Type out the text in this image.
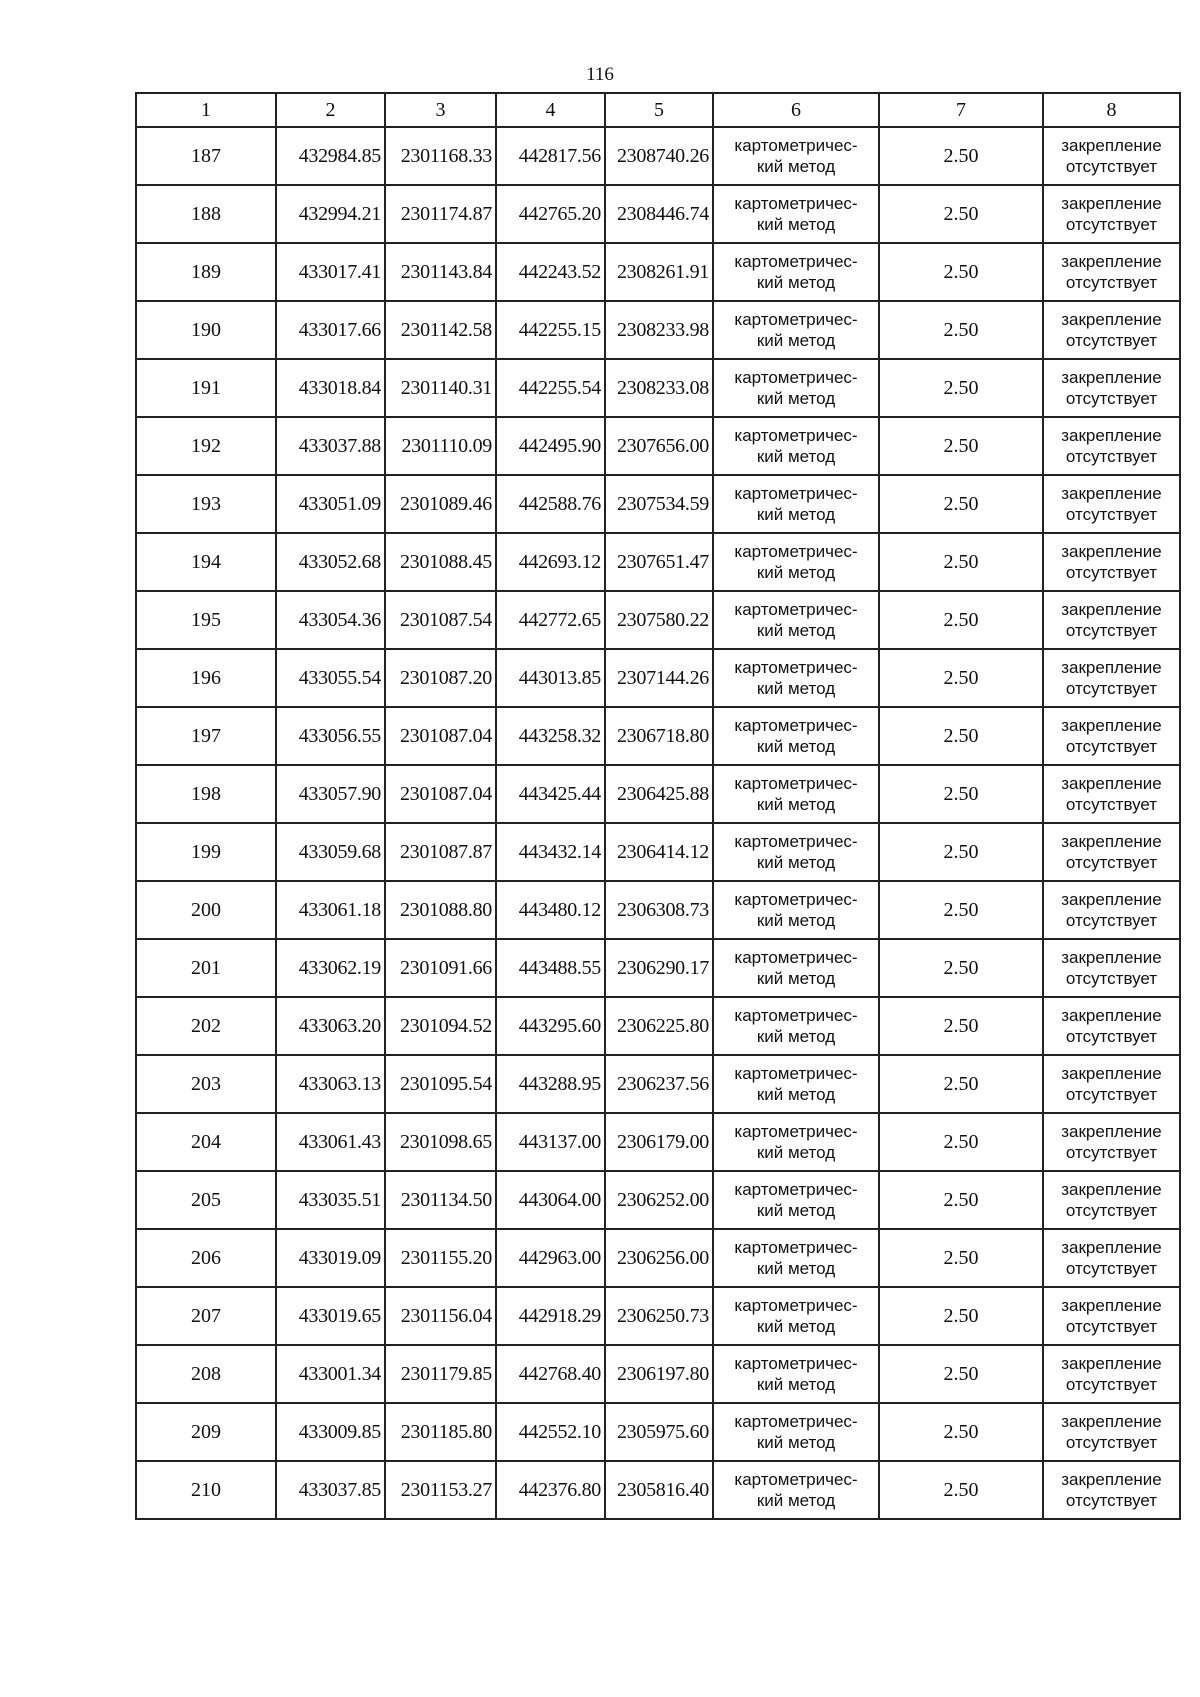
116
1	2	3	4	5	6	7	8
187	432984.85	2301168.33	442817.56	2308740.26	картометричес-
кий метод	2.50	закрепление
отсутствует

188	432994.21	2301174.87	442765.20	2308446.74	картометричес-
кий метод	2.50	закрепление
отсутствует

189	433017.41	2301143.84	442243.52	2308261.91	картометричес-
кий метод	2.50	закрепление
отсутствует

190	433017.66	2301142.58	442255.15	2308233.98	картометричес-
кий метод	2.50	закрепление
отсутствует

191	433018.84	2301140.31	442255.54	2308233.08	картометричес-
кий метод	2.50	закрепление
отсутствует

192	433037.88	2301110.09	442495.90	2307656.00	картометричес-
кий метод	2.50	закрепление
отсутствует

193	433051.09	2301089.46	442588.76	2307534.59	картометричес-
кий метод	2.50	закрепление
отсутствует

194	433052.68	2301088.45	442693.12	2307651.47	картометричес-
кий метод	2.50	закрепление
отсутствует

195	433054.36	2301087.54	442772.65	2307580.22	картометричес-
кий метод	2.50	закрепление
отсутствует

196	433055.54	2301087.20	443013.85	2307144.26	картометричес-
кий метод	2.50	закрепление
отсутствует

197	433056.55	2301087.04	443258.32	2306718.80	картометричес-
кий метод	2.50	закрепление
отсутствует

198	433057.90	2301087.04	443425.44	2306425.88	картометричес-
кий метод	2.50	закрепление
отсутствует

199	433059.68	2301087.87	443432.14	2306414.12	картометричес-
кий метод	2.50	закрепление
отсутствует

200	433061.18	2301088.80	443480.12	2306308.73	картометричес-
кий метод	2.50	закрепление
отсутствует

201	433062.19	2301091.66	443488.55	2306290.17	картометричес-
кий метод	2.50	закрепление
отсутствует

202	433063.20	2301094.52	443295.60	2306225.80	картометричес-
кий метод	2.50	закрепление
отсутствует

203	433063.13	2301095.54	443288.95	2306237.56	картометричес-
кий метод	2.50	закрепление
отсутствует

204	433061.43	2301098.65	443137.00	2306179.00	картометричес-
кий метод	2.50	закрепление
отсутствует

205	433035.51	2301134.50	443064.00	2306252.00	картометричес-
кий метод	2.50	закрепление
отсутствует

206	433019.09	2301155.20	442963.00	2306256.00	картометричес-
кий метод	2.50	закрепление
отсутствует

207	433019.65	2301156.04	442918.29	2306250.73	картометричес-
кий метод	2.50	закрепление
отсутствует

208	433001.34	2301179.85	442768.40	2306197.80	картометричес-
кий метод	2.50	закрепление
отсутствует

209	433009.85	2301185.80	442552.10	2305975.60	картометричес-
кий метод	2.50	закрепление
отсутствует

210	433037.85	2301153.27	442376.80	2305816.40	картометричес-
кий метод	2.50	закрепление
отсутствует
